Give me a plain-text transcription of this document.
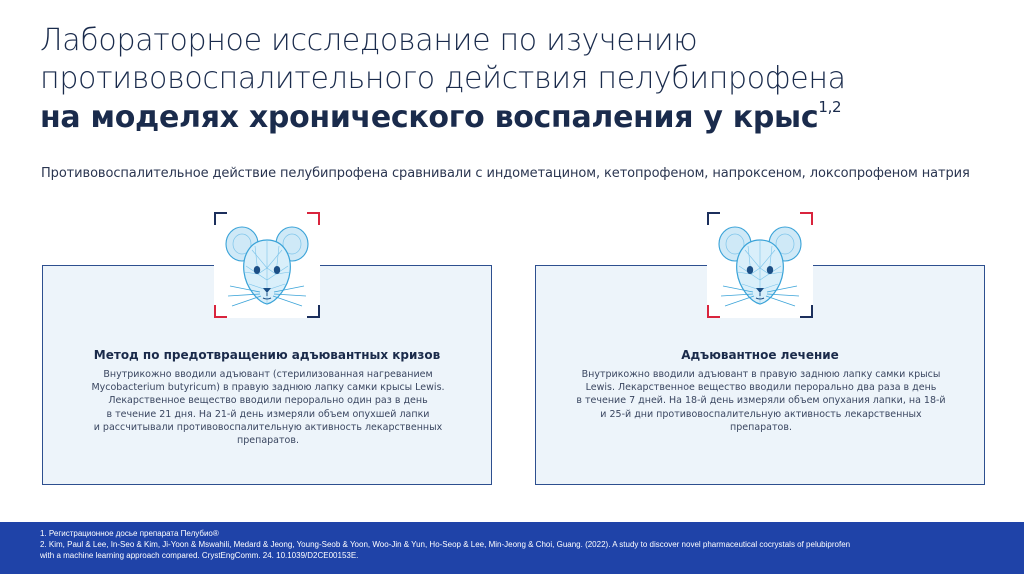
Лабораторное исследование по изучению
противовоспалительного действия пелубипрофена
на моделях хронического воспаления у крыс$^{1,2}$
Противовоспалительное действие пелубипрофена сравнивали с индометацином, кетопрофеном, напроксеном, локсопрофеном натрия
Метод по предотвращению адъювантных кризов
Внутрикожно вводили адъювант (стерилизованная нагреванием
Mycobacterium butyricum) в правую заднюю лапку самки крысы Lewis.
Лекарственное вещество вводили перорально один раз в день
в течение 21 дня. На 21-й день измеряли объем опухшей лапки
и рассчитывали противовоспалительную активность лекарственных
препаратов.
Адъювантное лечение
Внутрикожно вводили адъювант в правую заднюю лапку самки крысы
Lewis. Лекарственное вещество вводили перорально два раза в день
в течение 7 дней. На 18-й день измеряли объем опухания лапки, на 18-й
и 25-й дни противовоспалительную активность лекарственных
препаратов.

1. Регистрационное досье препарата Пелубио®

2. Kim, Paul & Lee, In-Seo & Kim, Ji-Yoon & Mswahili, Medard & Jeong, Young-Seob & Yoon, Woo-Jin & Yun, Ho-Seop & Lee, Min-Jeong & Choi, Guang. (2022). A study to discover novel pharmaceutical cocrystals of pelubiprofen

with a machine learning approach compared. CrystEngComm. 24. 10.1039/D2CE00153E.
